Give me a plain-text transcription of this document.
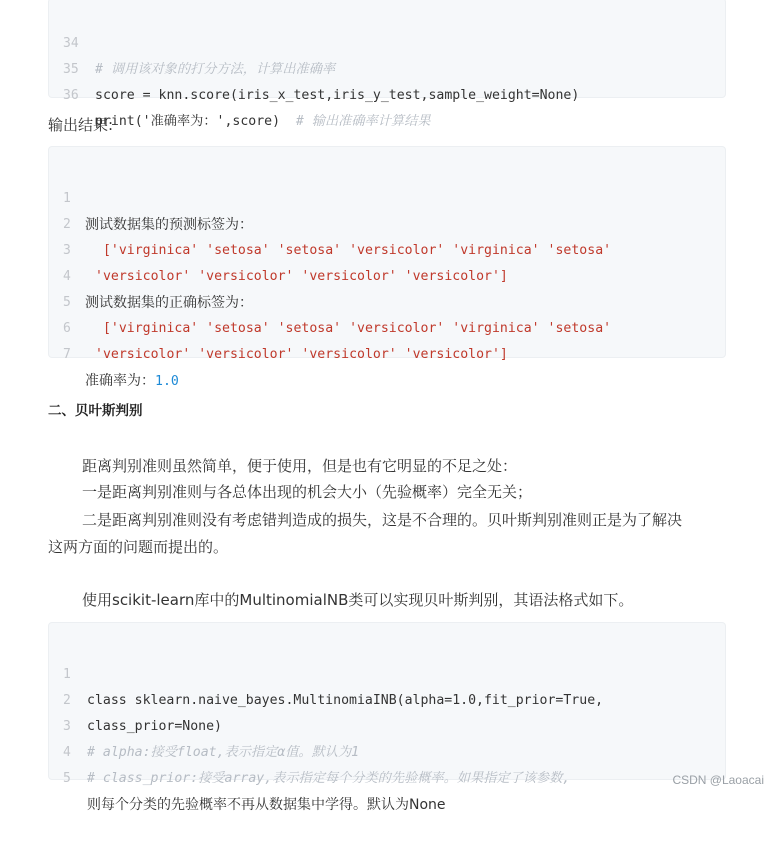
34

# 调用该对象的打分方法，计算出准确率

35

score = knn.score(iris_x_test,iris_y_test,sample_weight=None)

36

print('准确率为：',score) # 输出准确率计算结果

输出结果:

1

测试数据集的预测标签为：

2

['virginica' 'setosa' 'setosa' 'versicolor' 'virginica' 'setosa'

3

'versicolor' 'versicolor' 'versicolor' 'versicolor']

4

测试数据集的正确标签为：

5

['virginica' 'setosa' 'setosa' 'versicolor' 'virginica' 'setosa'

6

'versicolor' 'versicolor' 'versicolor' 'versicolor']

7

准确率为：1.0

二、贝叶斯判别
距离判别准则虽然简单，便于使用，但是也有它明显的不足之处：
一是距离判别准则与各总体出现的机会大小（先验概率）完全无关；
二是距离判别准则没有考虑错判造成的损失，这是不合理的。贝叶斯判别准则正是为了解决
这两方面的问题而提出的。
使用scikit-learn库中的MultinomialNB类可以实现贝叶斯判别，其语法格式如下。

1

class sklearn.naive_bayes.MultinomiaINB(alpha=1.0,fit_prior=True,

2

class_prior=None)

3

# alpha:接受float,表示指定α值。默认为1

4

# class_prior:接受array,表示指定每个分类的先验概率。如果指定了该参数,

5

则每个分类的先验概率不再从数据集中学得。默认为None

CSDN @Laoacai
